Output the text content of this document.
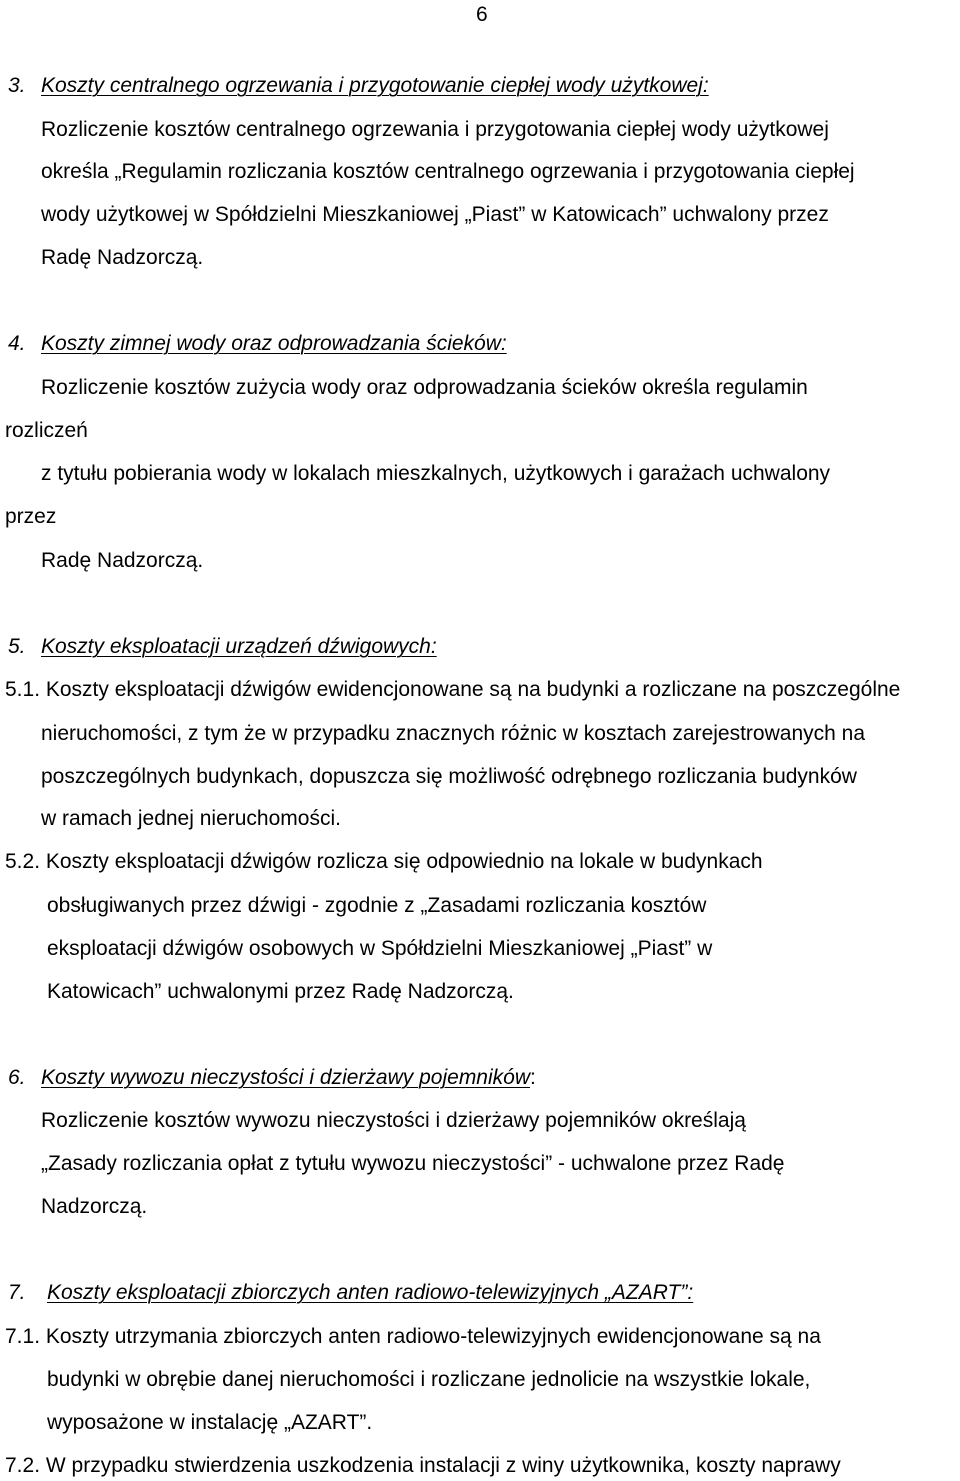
6
3. Koszty centralnego ogrzewania i przygotowanie ciepłej wody użytkowej:
Rozliczenie kosztów centralnego ogrzewania i przygotowania ciepłej wody użytkowej
określa „Regulamin rozliczania kosztów centralnego ogrzewania i przygotowania ciepłej
wody użytkowej w Spółdzielni Mieszkaniowej „Piast” w Katowicach” uchwalony przez
Radę Nadzorczą.
4. Koszty zimnej wody oraz odprowadzania ścieków:
Rozliczenie kosztów zużycia wody oraz odprowadzania ścieków określa regulamin
rozliczeń
z tytułu pobierania wody w lokalach mieszkalnych, użytkowych i garażach uchwalony
przez
Radę Nadzorczą.
5. Koszty eksploatacji urządzeń dźwigowych:
5.1. Koszty eksploatacji dźwigów ewidencjonowane są na budynki a rozliczane na poszczególne
nieruchomości, z tym że w przypadku znacznych różnic w kosztach zarejestrowanych na
poszczególnych budynkach, dopuszcza się możliwość odrębnego rozliczania budynków
w ramach jednej nieruchomości.
5.2. Koszty eksploatacji dźwigów rozlicza się odpowiednio na lokale w budynkach
obsługiwanych przez dźwigi - zgodnie z „Zasadami rozliczania kosztów
eksploatacji dźwigów osobowych w Spółdzielni Mieszkaniowej „Piast” w
Katowicach” uchwalonymi przez Radę Nadzorczą.
6. Koszty wywozu nieczystości i dzierżawy pojemników:
Rozliczenie kosztów wywozu nieczystości i dzierżawy pojemników określają
„Zasady rozliczania opłat z tytułu wywozu nieczystości” - uchwalone przez Radę
Nadzorczą.
7. Koszty eksploatacji zbiorczych anten radiowo-telewizyjnych „AZART”:
7.1. Koszty utrzymania zbiorczych anten radiowo-telewizyjnych ewidencjonowane są na
budynki w obrębie danej nieruchomości i rozliczane jednolicie na wszystkie lokale,
wyposażone w instalację „AZART”.
7.2. W przypadku stwierdzenia uszkodzenia instalacji z winy użytkownika, koszty naprawy
